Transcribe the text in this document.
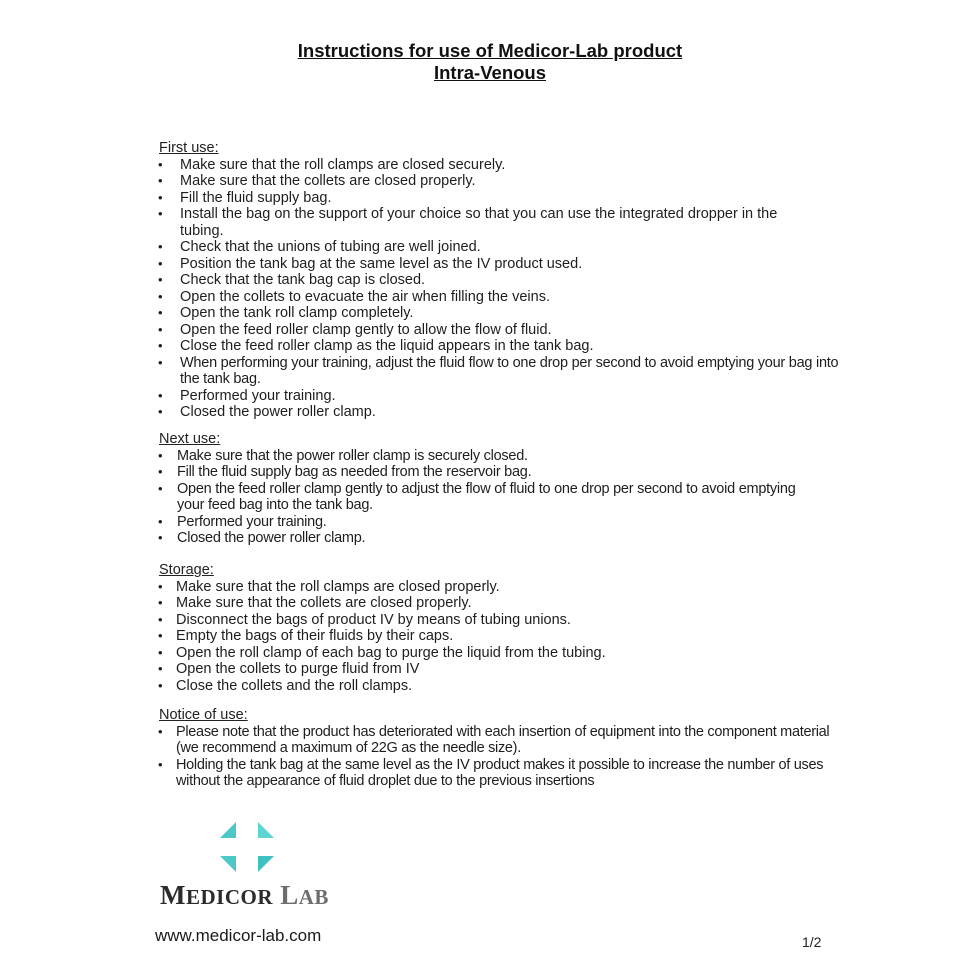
Instructions for use of Medicor-Lab product
Intra-Venous
First use:
• Make sure that the roll clamps are closed securely.
• Make sure that the collets are closed properly.
• Fill the fluid supply bag.
• Install the bag on the support of your choice so that you can use the integrated dropper in the tubing.
• Check that the unions of tubing are well joined.
• Position the tank bag at the same level as the IV product used.
• Check that the tank bag cap is closed.
• Open the collets to evacuate the air when filling the veins.
• Open the tank roll clamp completely.
• Open the feed roller clamp gently to allow the flow of fluid.
• Close the feed roller clamp as the liquid appears in the tank bag.
• When performing your training, adjust the fluid flow to one drop per second to avoid emptying your bag into the tank bag.
• Performed your training.
• Closed the power roller clamp.
Next use:
• Make sure that the power roller clamp is securely closed.
• Fill the fluid supply bag as needed from the reservoir bag.
• Open the feed roller clamp gently to adjust the flow of fluid to one drop per second to avoid emptying your feed bag into the tank bag.
• Performed your training.
• Closed the power roller clamp.
Storage:
• Make sure that the roll clamps are closed properly.
• Make sure that the collets are closed properly.
• Disconnect the bags of product IV by means of tubing unions.
• Empty the bags of their fluids by their caps.
• Open the roll clamp of each bag to purge the liquid from the tubing.
• Open the collets to purge fluid from IV
• Close the collets and the roll clamps.
Notice of use:
• Please note that the product has deteriorated with each insertion of equipment into the component material (we recommend a maximum of 22G as the needle size).
• Holding the tank bag at the same level as the IV product makes it possible to increase the number of uses without the appearance of fluid droplet due to the previous insertions
MEDICOR LAB
www.medicor-lab.com	1/2
